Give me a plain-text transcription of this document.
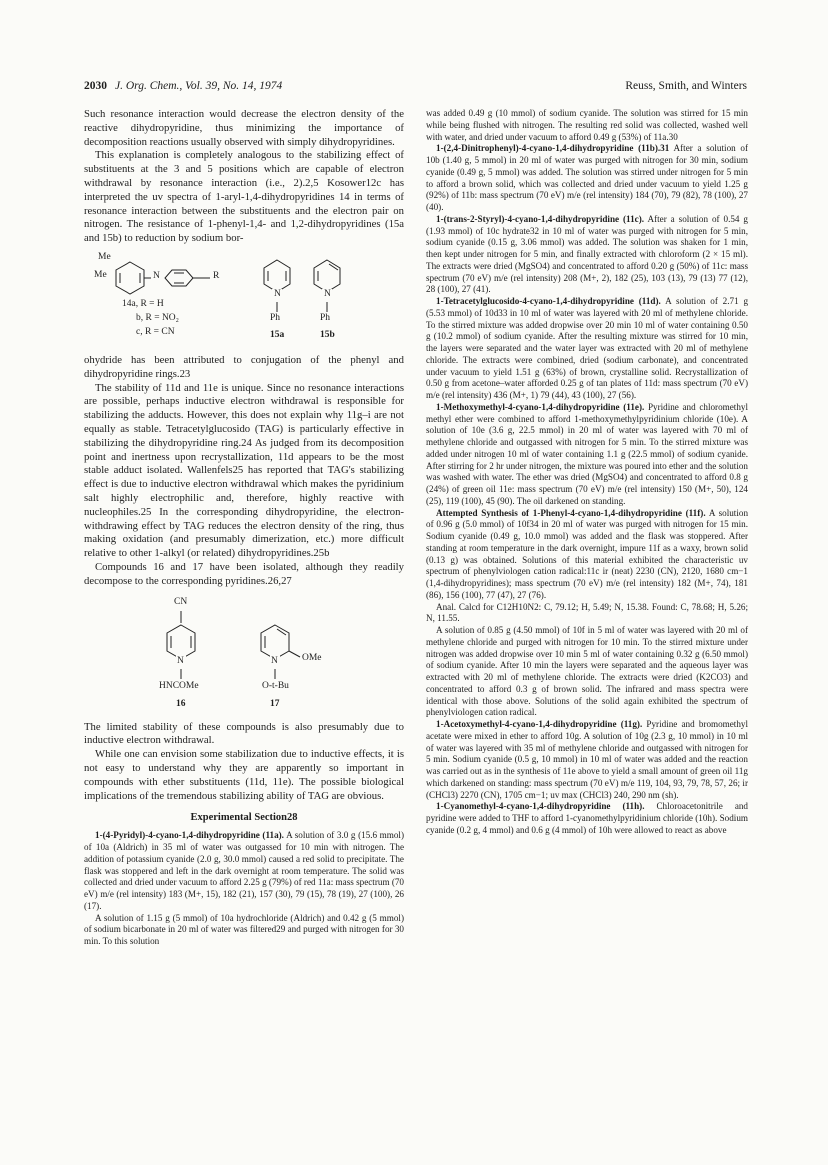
2030 J. Org. Chem., Vol. 39, No. 14, 1974	Reuss, Smith, and Winters

Such resonance interaction would decrease the electron density of the reactive dihydropyridine, thus minimizing the importance of decomposition reactions usually observed with simply dihydropyridines.

This explanation is completely analogous to the stabilizing effect of substituents at the 3 and 5 positions which are capable of electron withdrawal by resonance interaction (i.e., 2).2,5 Kosower12c has interpreted the uv spectra of 1-aryl-1,4-dihydropyridines 14 in terms of resonance interaction between the substituents and the electron pair on nitrogen. The resistance of 1-phenyl-1,4- and 1,2-dihydropyridines (15a and 15b) to reduction by sodium bor-

Me
Me	N	R
14a, R = H
b, R = NO₂
c, R = CN
N
Ph
15a
N
Ph
15b

ohydride has been attributed to conjugation of the phenyl and dihydropyridine rings.23

The stability of 11d and 11e is unique. Since no resonance interactions are possible, perhaps inductive electron withdrawal is responsible for stabilizing the adducts. However, this does not explain why 11g–i are not equally as stable. Tetracetylglucosido (TAG) is particularly effective in stabilizing the dihydropyridine ring.24 As judged from its decomposition point and inertness upon recrystallization, 11d appears to be the most stable adduct isolated. Wallenfels25 has reported that TAG's stabilizing effect is due to inductive electron withdrawal which makes the pyridinium salt highly electrophilic and, therefore, highly reactive with nucleophiles.25 In the corresponding dihydropyridine, the electron-withdrawing effect by TAG reduces the electron density of the ring, thus making oxidation (and presumably dimerization, etc.) more difficult relative to other 1-alkyl (or related) dihydropyridines.25b

Compounds 16 and 17 have been isolated, although they readily decompose to the corresponding pyridines.26,27

CN
N
HNCOMe
16
OMe
N
O-t-Bu
17

The limited stability of these compounds is also presumably due to inductive electron withdrawal.

While one can envision some stabilization due to inductive effects, it is not easy to understand why they are apparently so important in compounds with ether substituents (11d, 11e). The possible biological implications of the tremendous stabilizing ability of TAG are obvious.

Experimental Section28

1-(4-Pyridyl)-4-cyano-1,4-dihydropyridine (11a). A solution of 3.0 g (15.6 mmol) of 10a (Aldrich) in 35 ml of water was outgassed for 10 min with nitrogen. The addition of potassium cyanide (2.0 g, 30.0 mmol) caused a red solid to precipitate. The flask was stoppered and left in the dark overnight at room temperature. The solid was collected and dried under vacuum to afford 2.25 g (79%) of red 11a: mass spectrum (70 eV) m/e (rel intensity) 183 (M+, 15), 182 (21), 157 (30), 79 (15), 78 (19), 27 (100), 26 (17).

A solution of 1.15 g (5 mmol) of 10a hydrochloride (Aldrich) and 0.42 g (5 mmol) of sodium bicarbonate in 20 ml of water was filtered29 and purged with nitrogen for 30 min. To this solution

was added 0.49 g (10 mmol) of sodium cyanide. The solution was stirred for 15 min while being flushed with nitrogen. The resulting red solid was collected, washed well with water, and dried under vacuum to afford 0.49 g (53%) of 11a.30

1-(2,4-Dinitrophenyl)-4-cyano-1,4-dihydropyridine (11b).31 After a solution of 10b (1.40 g, 5 mmol) in 20 ml of water was purged with nitrogen for 30 min, sodium cyanide (0.49 g, 5 mmol) was added. The solution was stirred under nitrogen for 5 min to afford a brown solid, which was collected and dried under vacuum to yield 1.25 g (92%) of 11b: mass spectrum (70 eV) m/e (rel intensity) 184 (70), 79 (82), 78 (100), 27 (40).

1-(trans-2-Styryl)-4-cyano-1,4-dihydropyridine (11c). After a solution of 0.54 g (1.93 mmol) of 10c hydrate32 in 10 ml of water was purged with nitrogen for 5 min, sodium cyanide (0.15 g, 3.06 mmol) was added. The solution was shaken for 1 min, then kept under nitrogen for 5 min, and finally extracted with chloroform (2 × 15 ml). The extracts were dried (MgSO4) and concentrated to afford 0.20 g (50%) of 11c: mass spectrum (70 eV) m/e (rel intensity) 208 (M+, 2), 182 (25), 103 (13), 79 (13) 77 (12), 28 (100), 27 (41).

1-Tetracetylglucosido-4-cyano-1,4-dihydropyridine (11d). A solution of 2.71 g (5.53 mmol) of 10d33 in 10 ml of water was layered with 20 ml of methylene chloride. To the stirred mixture was added dropwise over 20 min 10 ml of water containing 0.50 g (10.2 mmol) of sodium cyanide. After the resulting mixture was stirred for 10 min, the layers were separated and the water layer was extracted with 20 ml of methylene chloride. The extracts were combined, dried (sodium carbonate), and concentrated under vacuum to yield 1.51 g (63%) of brown, crystalline solid. Recrystallization of 0.50 g from acetone–water afforded 0.25 g of tan plates of 11d: mass spectrum (70 eV) m/e (rel intensity) 436 (M+, 1) 79 (44), 43 (100), 27 (56).

1-Methoxymethyl-4-cyano-1,4-dihydropyridine (11e). Pyridine and chloromethyl methyl ether were combined to afford 1-methoxymethylpyridinium chloride (10e). A solution of 10e (3.6 g, 22.5 mmol) in 20 ml of water was layered with 70 ml of methylene chloride and outgassed with nitrogen for 5 min. To the stirred mixture was added under nitrogen 10 ml of water containing 1.1 g (22.5 mmol) of sodium cyanide. After stirring for 2 hr under nitrogen, the mixture was poured into ether and the solution was washed with water. The ether was dried (MgSO4) and concentrated to afford 0.8 g (24%) of green oil 11e: mass spectrum (70 eV) m/e (rel intensity) 150 (M+, 50), 124 (25), 119 (100), 45 (90). The oil darkened on standing.

Attempted Synthesis of 1-Phenyl-4-cyano-1,4-dihydropyridine (11f). A solution of 0.96 g (5.0 mmol) of 10f34 in 20 ml of water was purged with nitrogen for 15 min. Sodium cyanide (0.49 g, 10.0 mmol) was added and the flask was stoppered. After standing at room temperature in the dark overnight, impure 11f as a waxy, brown solid (0.13 g) was obtained. Solutions of this material exhibited the characteristic uv spectrum of phenylviologen cation radical:11c ir (neat) 2230 (CN), 2120, 1680 cm−1 (1,4-dihydropyridines); mass spectrum (70 eV) m/e (rel intensity) 182 (M+, 74), 181 (86), 156 (100), 77 (47), 27 (76).

Anal. Calcd for C12H10N2: C, 79.12; H, 5.49; N, 15.38. Found: C, 78.68; H, 5.26; N, 11.55.

A solution of 0.85 g (4.50 mmol) of 10f in 5 ml of water was layered with 20 ml of methylene chloride and purged with nitrogen for 10 min. To the stirred mixture under nitrogen was added dropwise over 10 min 5 ml of water containing 0.32 g (6.50 mmol) of sodium cyanide. After 10 min the layers were separated and the aqueous layer was extracted with 20 ml of methylene chloride. The extracts were dried (K2CO3) and concentrated to afford 0.3 g of brown solid. The infrared and mass spectra were identical with those above. Solutions of the solid again exhibited the spectrum of phenylviologen cation radical.

1-Acetoxymethyl-4-cyano-1,4-dihydropyridine (11g). Pyridine and bromomethyl acetate were mixed in ether to afford 10g. A solution of 10g (2.3 g, 10 mmol) in 10 ml of water was layered with 35 ml of methylene chloride and outgassed with nitrogen for 5 min. Sodium cyanide (0.5 g, 10 mmol) in 10 ml of water was added and the reaction was carried out as in the synthesis of 11e above to yield a small amount of green oil 11g which darkened on standing: mass spectrum (70 eV) m/e 119, 104, 93, 79, 78, 57, 26; ir (CHCl3) 2270 (CN), 1705 cm−1; uv max (CHCl3) 240, 290 nm (sh).

1-Cyanomethyl-4-cyano-1,4-dihydropyridine (11h). Chloroacetonitrile and pyridine were added to THF to afford 1-cyanomethylpyridinium chloride (10h). Sodium cyanide (0.2 g, 4 mmol) and 0.6 g (4 mmol) of 10h were allowed to react as above
